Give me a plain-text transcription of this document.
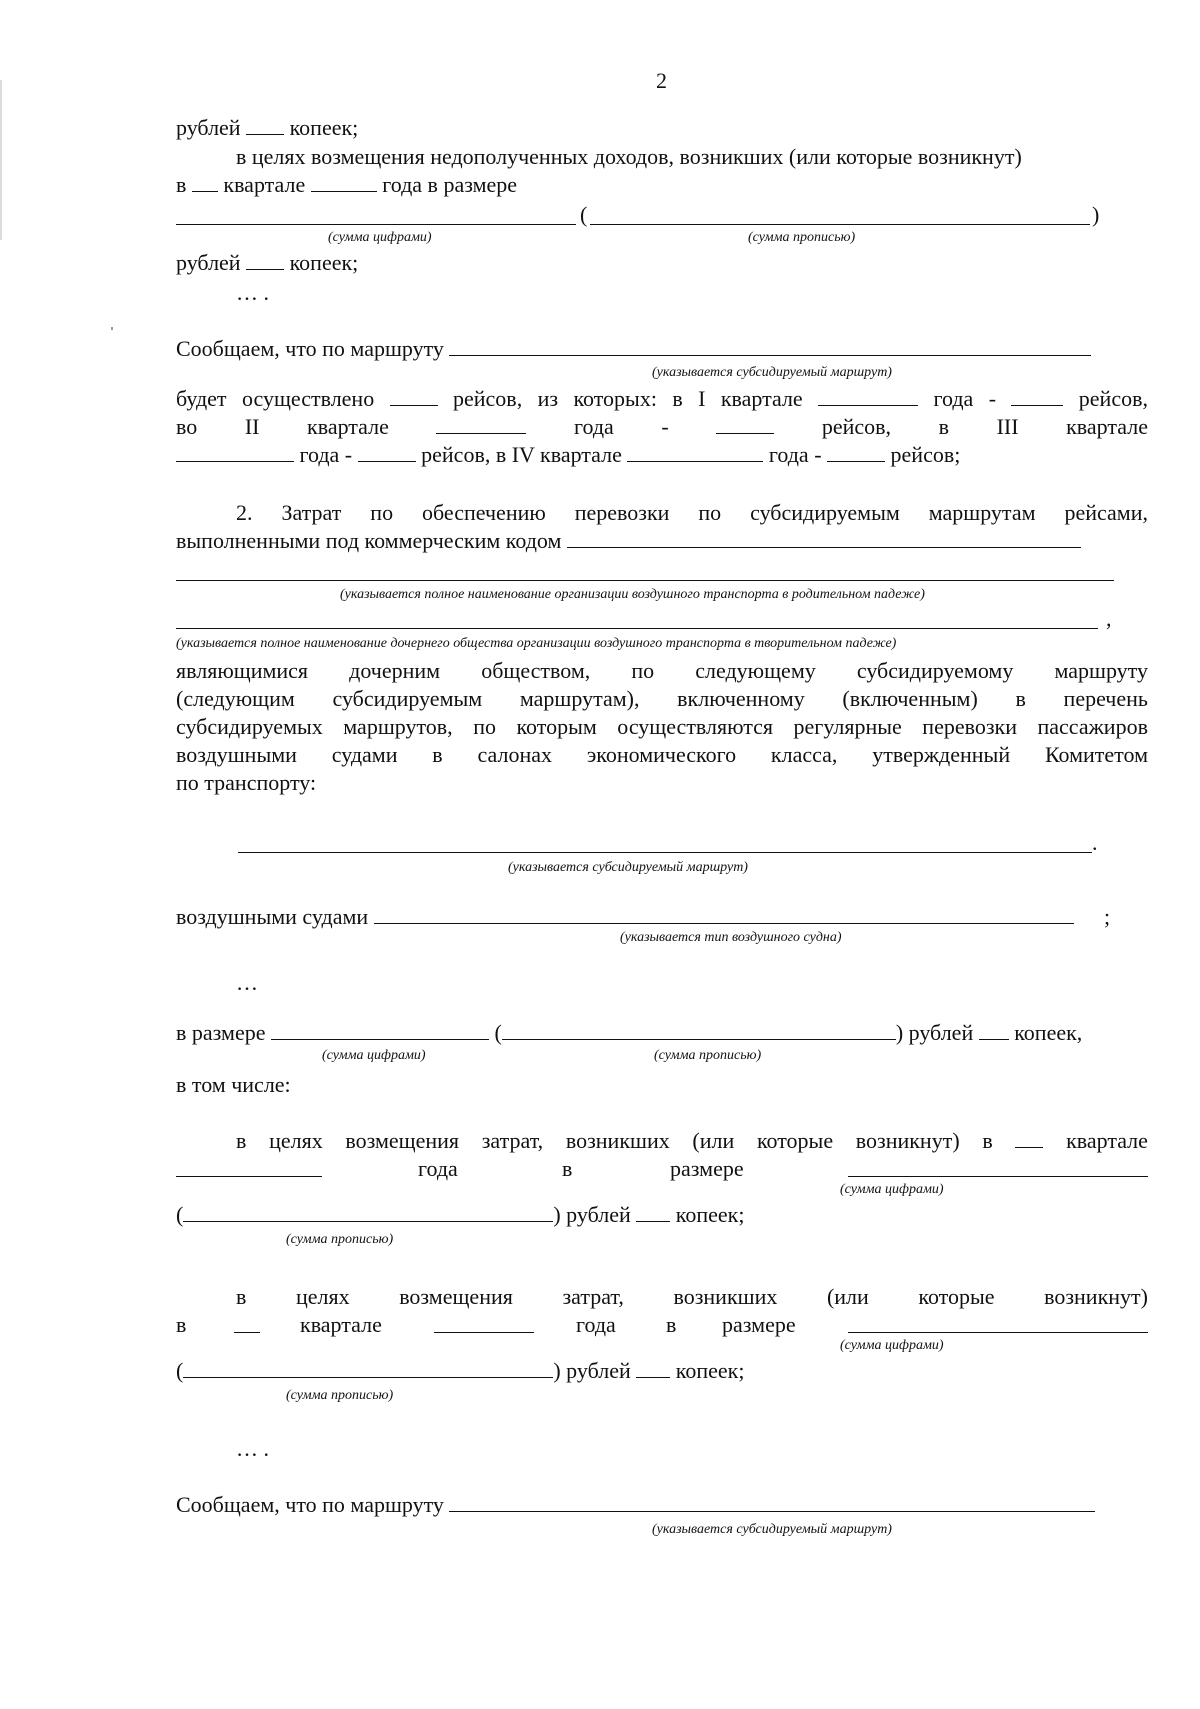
2
рублей копеек;
в целях возмещения недополученных доходов, возникших (или которые возникнут)
в квартале	года в размере
(	)
(сумма цифрами)	(сумма прописью)
рублей копеек;
… .
Сообщаем, что по маршруту
(указывается субсидируемый маршрут)
будет осуществлено	рейсов, из которых: в I квартале	года -	рейсов,
во II квартале	года -	рейсов, в III квартале
года -	рейсов, в IV квартале	года -	рейсов;
2. Затрат по обеспечению перевозки по субсидируемым маршрутам рейсами,
выполненными под коммерческим кодом
(указывается полное наименование организации воздушного транспорта в родительном падеже)
,
(указывается полное наименование дочернего общества организации воздушного транспорта в творительном падеже)
являющимися дочерним обществом, по следующему субсидируемому маршруту
(следующим субсидируемым маршрутам), включенному (включенным) в перечень
субсидируемых маршрутов, по которым осуществляются регулярные перевозки пассажиров
воздушными судами в салонах экономического класса, утвержденный Комитетом
по транспорту:
.
(указывается субсидируемый маршрут)
воздушными судами	;
(указывается тип воздушного судна)
…
в размере	(	) рублей копеек,
(сумма цифрами)	(сумма прописью)
в том числе:
в целях возмещения затрат, возникших (или которые возникнут) в	квартале
года	в	размере
(сумма цифрами)
(	) рублей копеек;
(сумма прописью)
в целях возмещения затрат, возникших (или которые возникнут)
в	квартале	года в размере
(сумма цифрами)
(	) рублей копеек;
(сумма прописью)
… .
Сообщаем, что по маршруту
(указывается субсидируемый маршрут)
